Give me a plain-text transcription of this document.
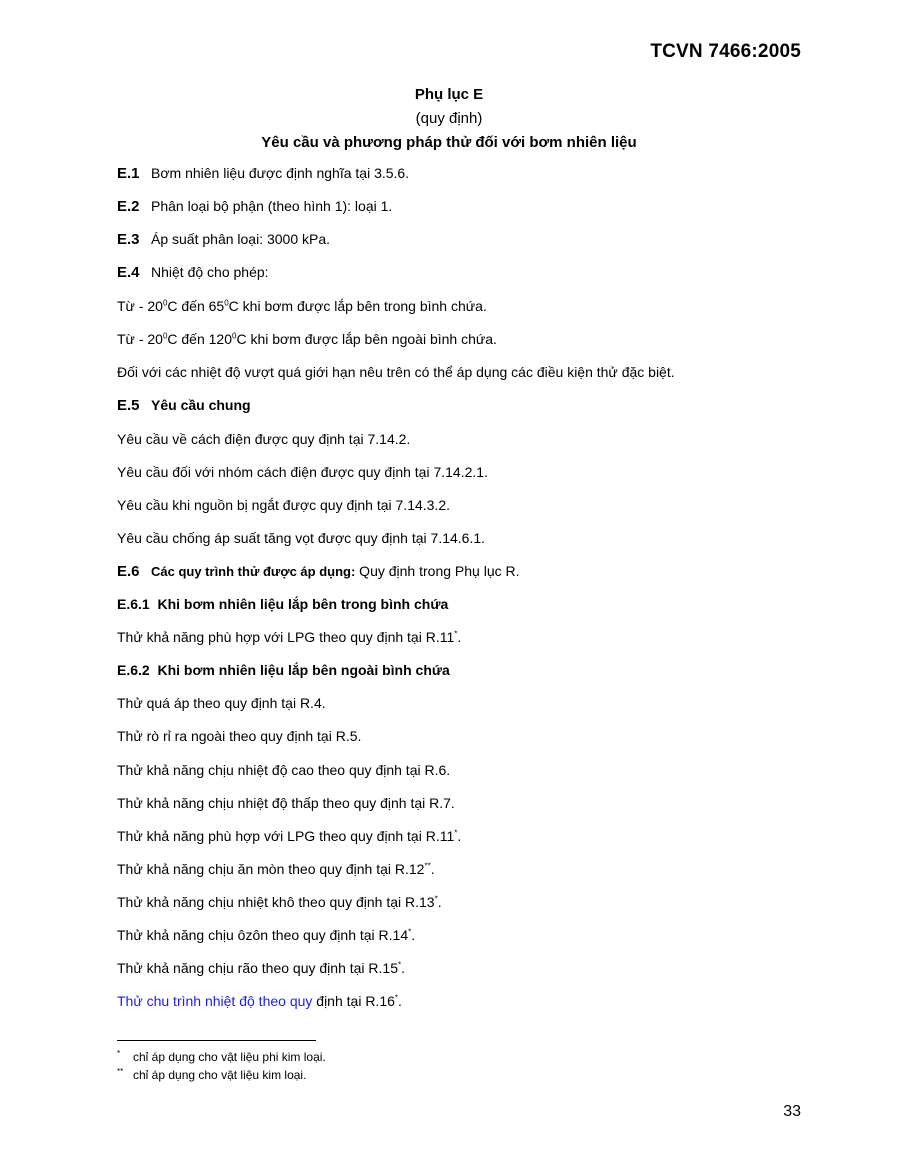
TCVN 7466:2005
Phụ lục E
(quy định)
Yêu cầu và phương pháp thử đối với bơm nhiên liệu
E.1 Bơm nhiên liệu được định nghĩa tại 3.5.6.
E.2 Phân loại bộ phận (theo hình 1): loại 1.
E.3 Áp suất phân loại: 3000 kPa.
E.4 Nhiệt độ cho phép:
Từ - $20^0C$ đến $65^0C$ khi bơm được lắp bên trong bình chứa.
Từ - $20^0C$ đến $120^0C$ khi bơm được lắp bên ngoài bình chứa.
Đối với các nhiệt độ vượt quá giới hạn nêu trên có thể áp dụng các điều kiện thử đặc biệt.
E.5 Yêu cầu chung
Yêu cầu về cách điện được quy định tại 7.14.2.
Yêu cầu đối với nhóm cách điện được quy định tại 7.14.2.1.
Yêu cầu khi nguồn bị ngắt được quy định tại 7.14.3.2.
Yêu cầu chống áp suất tăng vọt được quy định tại 7.14.6.1.
E.6 Các quy trình thử được áp dụng: Quy định trong Phụ lục R.
E.6.1 Khi bơm nhiên liệu lắp bên trong bình chứa
Thử khả năng phù hợp với LPG theo quy định tại R.11*.
E.6.2 Khi bơm nhiên liệu lắp bên ngoài bình chứa
Thử quá áp theo quy định tại R.4.
Thử rò rỉ ra ngoài theo quy định tại R.5.
Thử khả năng chịu nhiệt độ cao theo quy định tại R.6.
Thử khả năng chịu nhiệt độ thấp theo quy định tại R.7.
Thử khả năng phù hợp với LPG theo quy định tại R.11*.
Thử khả năng chịu ăn mòn theo quy định tại R.12**.
Thử khả năng chịu nhiệt khô theo quy định tại R.13*.
Thử khả năng chịu ôzôn theo quy định tại R.14*.
Thử khả năng chịu rão theo quy định tại R.15*.
Thử chu trình nhiệt độ theo quy định tại R.16*.
* chỉ áp dụng cho vật liệu phi kim loại.
** chỉ áp dụng cho vật liệu kim loại.
33
